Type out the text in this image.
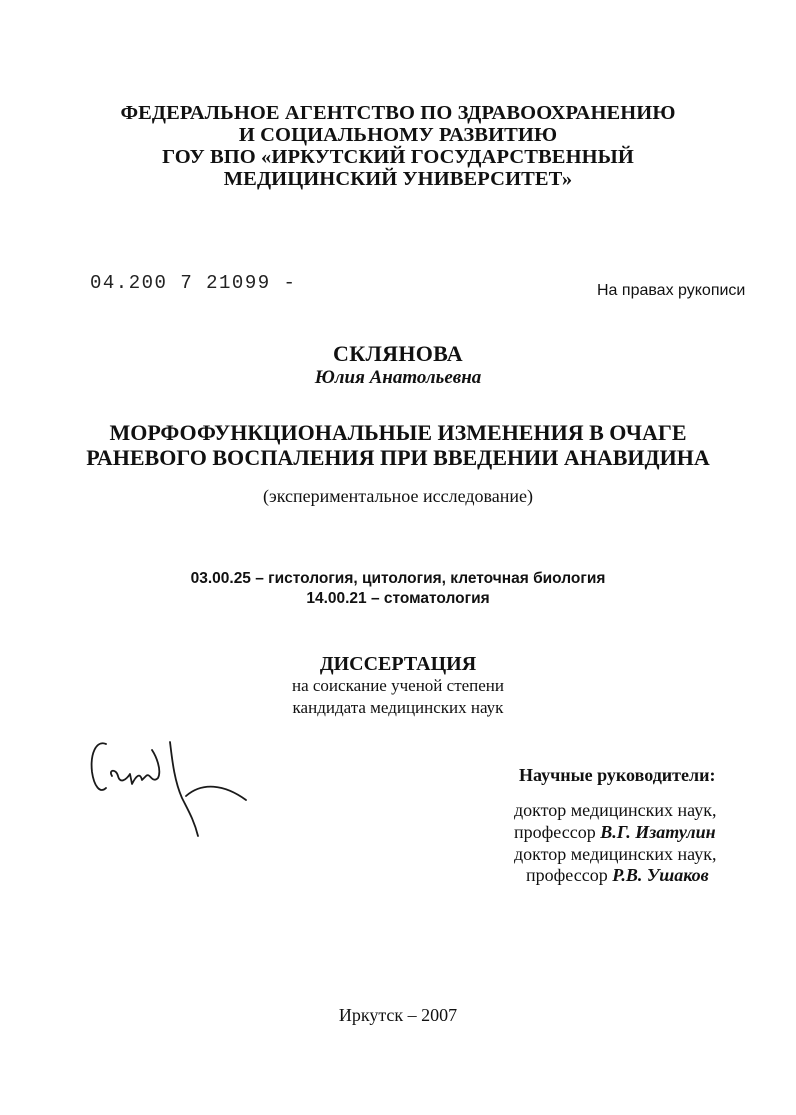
ФЕДЕРАЛЬНОЕ АГЕНТСТВО ПО ЗДРАВООХРАНЕНИЮ
И СОЦИАЛЬНОМУ РАЗВИТИЮ
ГОУ ВПО «ИРКУТСКИЙ ГОСУДАРСТВЕННЫЙ
МЕДИЦИНСКИЙ УНИВЕРСИТЕТ»
04.200 7 21099 -	На правах рукописи
СКЛЯНОВА
Юлия Анатольевна
МОРФОФУНКЦИОНАЛЬНЫЕ ИЗМЕНЕНИЯ В ОЧАГЕ
РАНЕВОГО ВОСПАЛЕНИЯ ПРИ ВВЕДЕНИИ АНАВИДИНА
(экспериментальное исследование)
03.00.25 – гистология, цитология, клеточная биология
14.00.21 – стоматология
ДИССЕРТАЦИЯ
на соискание ученой степени
кандидата медицинских наук
Научные руководители:
доктор медицинских наук,
профессор В.Г. Изатулин
доктор медицинских наук,
профессор Р.В. Ушаков
Иркутск – 2007
